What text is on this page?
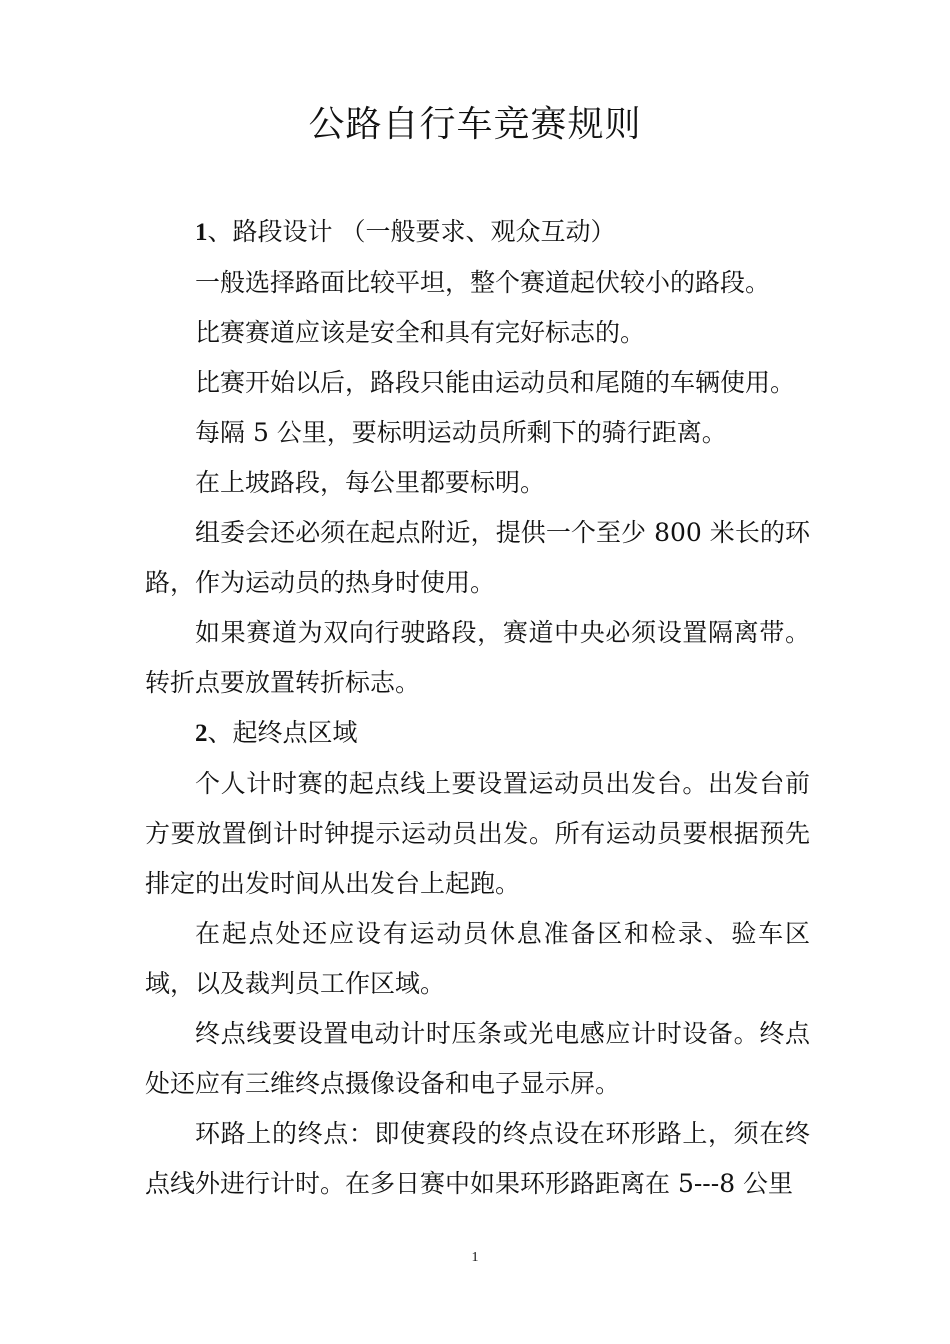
公路自行车竞赛规则

1、路段设计 （一般要求、观众互动）

一般选择路面比较平坦，整个赛道起伏较小的路段。

比赛赛道应该是安全和具有完好标志的。

比赛开始以后，路段只能由运动员和尾随的车辆使用。

每隔 5 公里，要标明运动员所剩下的骑行距离。

在上坡路段，每公里都要标明。

组委会还必须在起点附近，提供一个至少 800 米长的环路，作为运动员的热身时使用。

如果赛道为双向行驶路段，赛道中央必须设置隔离带。转折点要放置转折标志。

2、起终点区域

个人计时赛的起点线上要设置运动员出发台。出发台前方要放置倒计时钟提示运动员出发。所有运动员要根据预先排定的出发时间从出发台上起跑。

在起点处还应设有运动员休息准备区和检录、验车区域，以及裁判员工作区域。

终点线要设置电动计时压条或光电感应计时设备。终点处还应有三维终点摄像设备和电子显示屏。

环路上的终点：即使赛段的终点设在环形路上，须在终点线外进行计时。在多日赛中如果环形路距离在 5---8 公里

1
